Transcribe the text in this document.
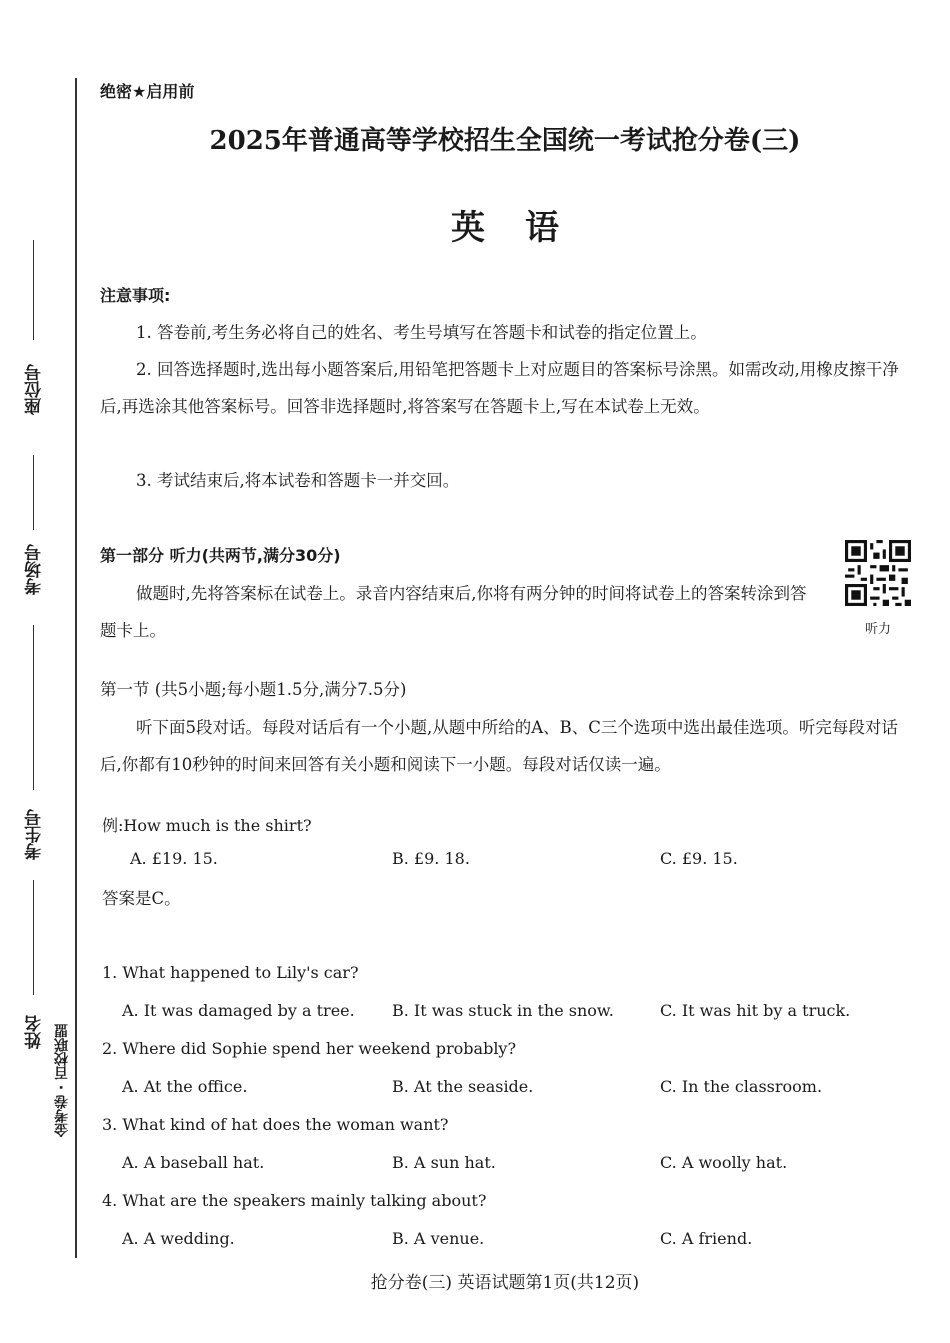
座位号
考场号
考生号
姓名 金考卷 · 百校联盟
绝密★启用前
2025年普通高等学校招生全国统一考试抢分卷(三)
英语
注意事项:
1. 答卷前,考生务必将自己的姓名、考生号填写在答题卡和试卷的指定位置上。
2. 回答选择题时,选出每小题答案后,用铅笔把答题卡上对应题目的答案标号涂黑。如需改动,用橡皮擦干净后,再选涂其他答案标号。回答非选择题时,将答案写在答题卡上,写在本试卷上无效。
3. 考试结束后,将本试卷和答题卡一并交回。
第一部分 听力(共两节,满分30分)
做题时,先将答案标在试卷上。录音内容结束后,你将有两分钟的时间将试卷上的答案转涂到答题卡上。	听力
第一节 (共5小题;每小题1.5分,满分7.5分)
听下面5段对话。每段对话后有一个小题,从题中所给的A、B、C三个选项中选出最佳选项。听完每段对话后,你都有10秒钟的时间来回答有关小题和阅读下一小题。每段对话仅读一遍。
例:How much is the shirt?
A. £19. 15.	B. £9. 18.	C. £9. 15.
答案是C。
1. What happened to Lily's car?
A. It was damaged by a tree. B. It was stuck in the snow.	C. It was hit by a truck.
2. Where did Sophie spend her weekend probably?
A. At the office.	B. At the seaside.	C. In the classroom.
3. What kind of hat does the woman want?
A. A baseball hat.	B. A sun hat.	C. A woolly hat.
4. What are the speakers mainly talking about?
A. A wedding.	B. A venue.	C. A friend.
抢分卷(三) 英语试题第1页(共12页)
